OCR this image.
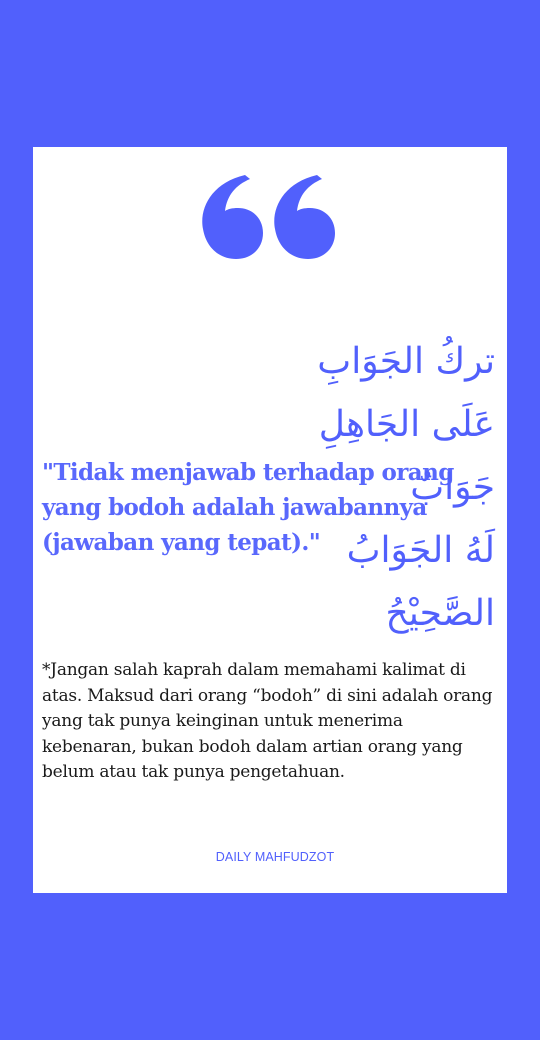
تركُ الجَوَابِ
عَلَى الجَاهِلِ
جَوَابٌ
لَهُ الجَوَابُ
الصَّحِيْحُ
"Tidak menjawab terhadap orang yang bodoh adalah jawabannya (jawaban yang tepat)."
*Jangan salah kaprah dalam memahami kalimat di atas. Maksud dari orang “bodoh” di sini adalah orang yang tak punya keinginan untuk menerima kebenaran, bukan bodoh dalam artian orang yang belum atau tak punya pengetahuan.
DAILY MAHFUDZOT
